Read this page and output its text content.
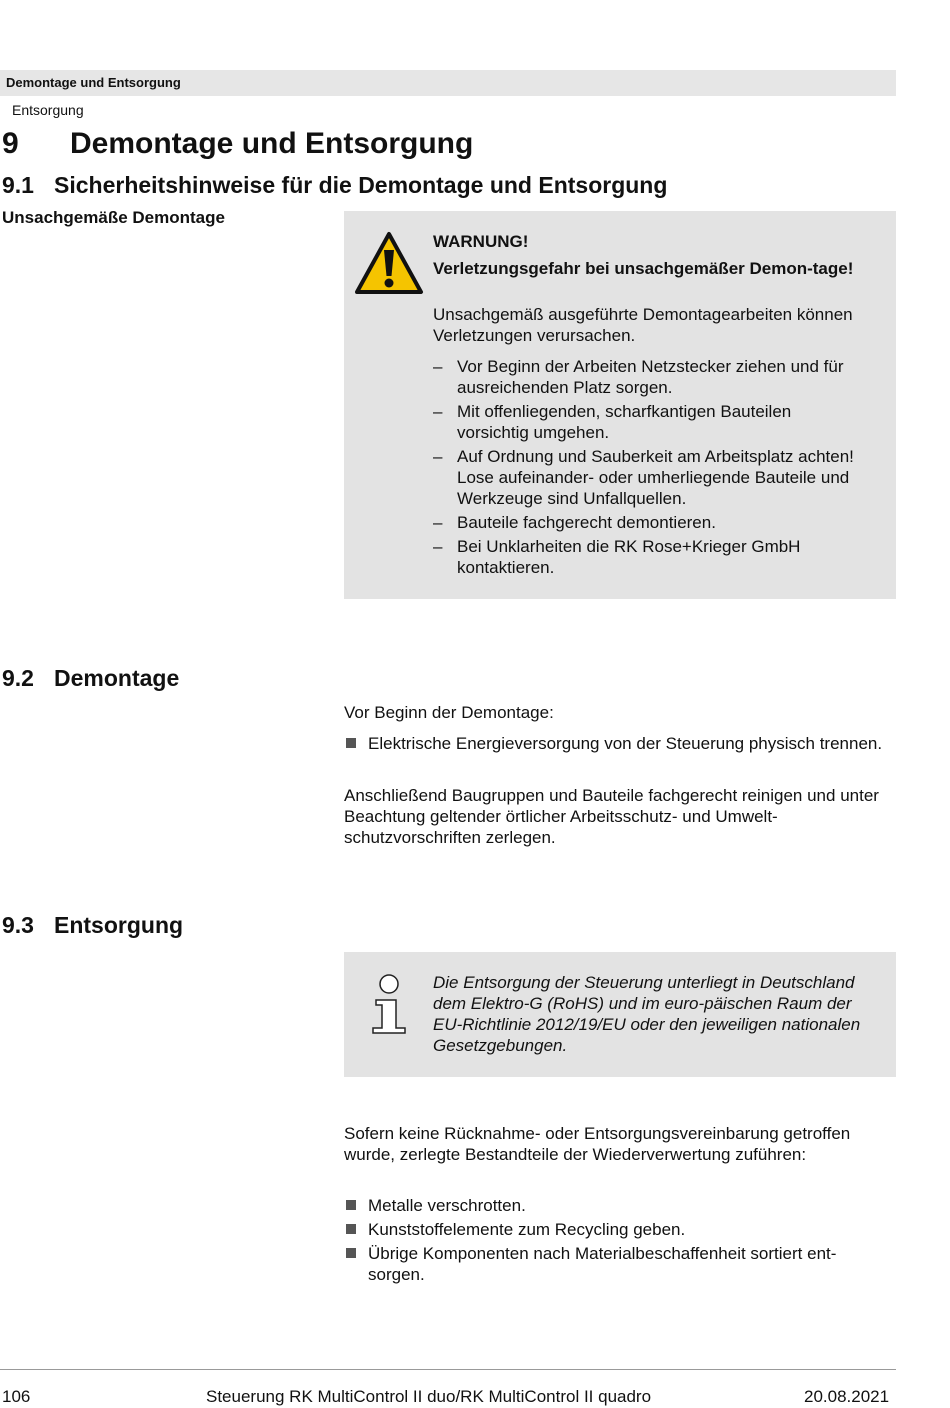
Demontage und Entsorgung
Entsorgung
9 Demontage und Entsorgung
9.1 Sicherheitshinweise für die Demontage und Entsorgung
Unsachgemäße Demontage
WARNUNG!
Verletzungsgefahr bei unsachgemäßer Demon-tage!
Unsachgemäß ausgeführte Demontagearbeiten können Verletzungen verursachen.
– Vor Beginn der Arbeiten Netzstecker ziehen und für ausreichenden Platz sorgen.
– Mit offenliegenden, scharfkantigen Bauteilen vorsichtig umgehen.
– Auf Ordnung und Sauberkeit am Arbeitsplatz achten! Lose aufeinander- oder umherliegende Bauteile und Werkzeuge sind Unfallquellen.
– Bauteile fachgerecht demontieren.
– Bei Unklarheiten die RK Rose+Krieger GmbH kontaktieren.
9.2 Demontage
Vor Beginn der Demontage:
Elektrische Energieversorgung von der Steuerung physisch trennen.
Anschließend Baugruppen und Bauteile fachgerecht reinigen und unter Beachtung geltender örtlicher Arbeitsschutz- und Umwelt-schutzvorschriften zerlegen.
9.3 Entsorgung
Die Entsorgung der Steuerung unterliegt in Deutschland dem Elektro-G (RoHS) und im euro-päischen Raum der EU-Richtlinie 2012/19/EU oder den jeweiligen nationalen Gesetzgebungen.
Sofern keine Rücknahme- oder Entsorgungsvereinbarung getroffen wurde, zerlegte Bestandteile der Wiederverwertung zuführen:
Metalle verschrotten.
Kunststoffelemente zum Recycling geben.
Übrige Komponenten nach Materialbeschaffenheit sortiert ent-sorgen.
106	Steuerung RK MultiControl II duo/RK MultiControl II quadro	20.08.2021
